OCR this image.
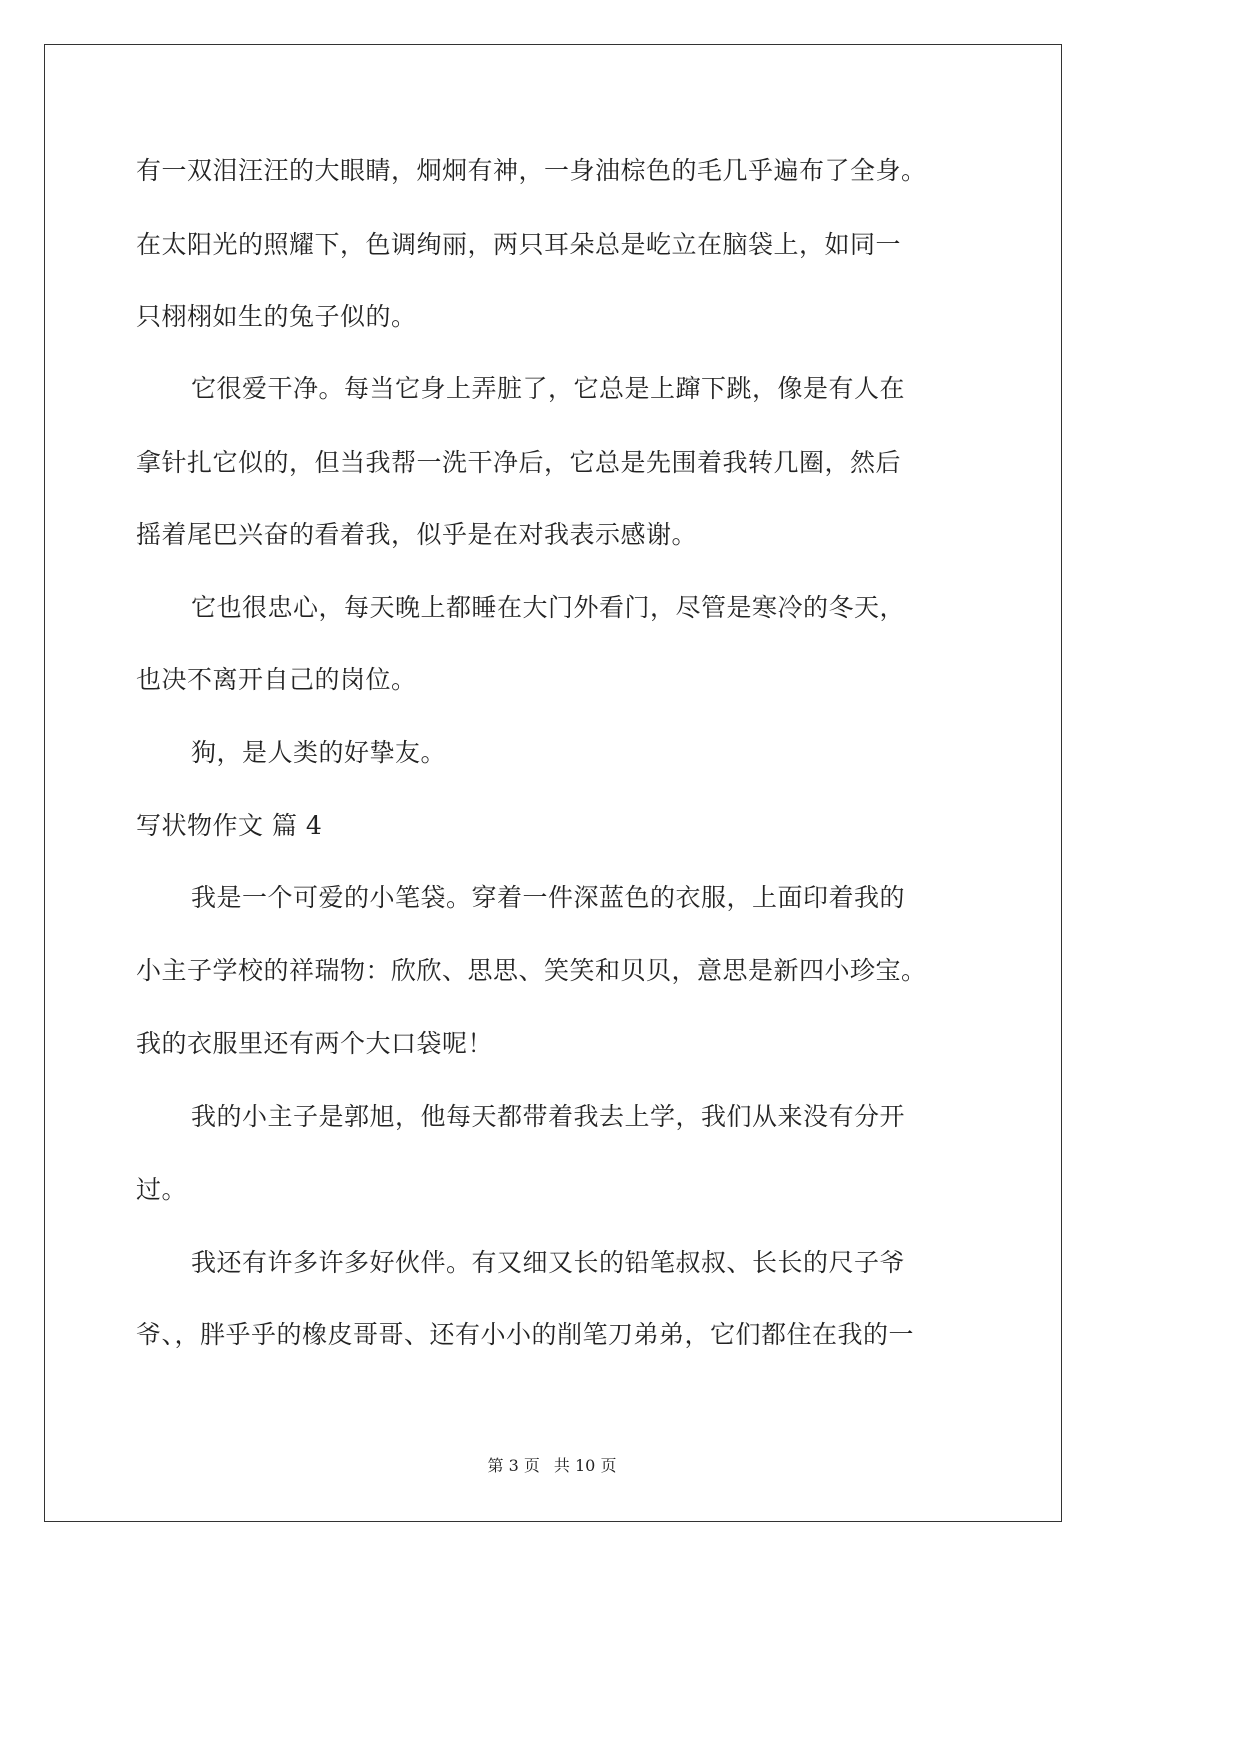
有一双泪汪汪的大眼睛，炯炯有神，一身油棕色的毛几乎遍布了全身。
在太阳光的照耀下，色调绚丽，两只耳朵总是屹立在脑袋上，如同一
只栩栩如生的兔子似的。
它很爱干净。每当它身上弄脏了，它总是上蹿下跳，像是有人在
拿针扎它似的，但当我帮一洗干净后，它总是先围着我转几圈，然后
摇着尾巴兴奋的看着我，似乎是在对我表示感谢。
它也很忠心，每天晚上都睡在大门外看门，尽管是寒冷的冬天，
也决不离开自己的岗位。
狗，是人类的好挚友。
写状物作文 篇 4
我是一个可爱的小笔袋。穿着一件深蓝色的衣服，上面印着我的
小主子学校的祥瑞物：欣欣、思思、笑笑和贝贝，意思是新四小珍宝。
我的衣服里还有两个大口袋呢！
我的小主子是郭旭，他每天都带着我去上学，我们从来没有分开
过。
我还有许多许多好伙伴。有又细又长的铅笔叔叔、长长的尺子爷
爷、，胖乎乎的橡皮哥哥、还有小小的削笔刀弟弟，它们都住在我的一
第 3 页 共 10 页
